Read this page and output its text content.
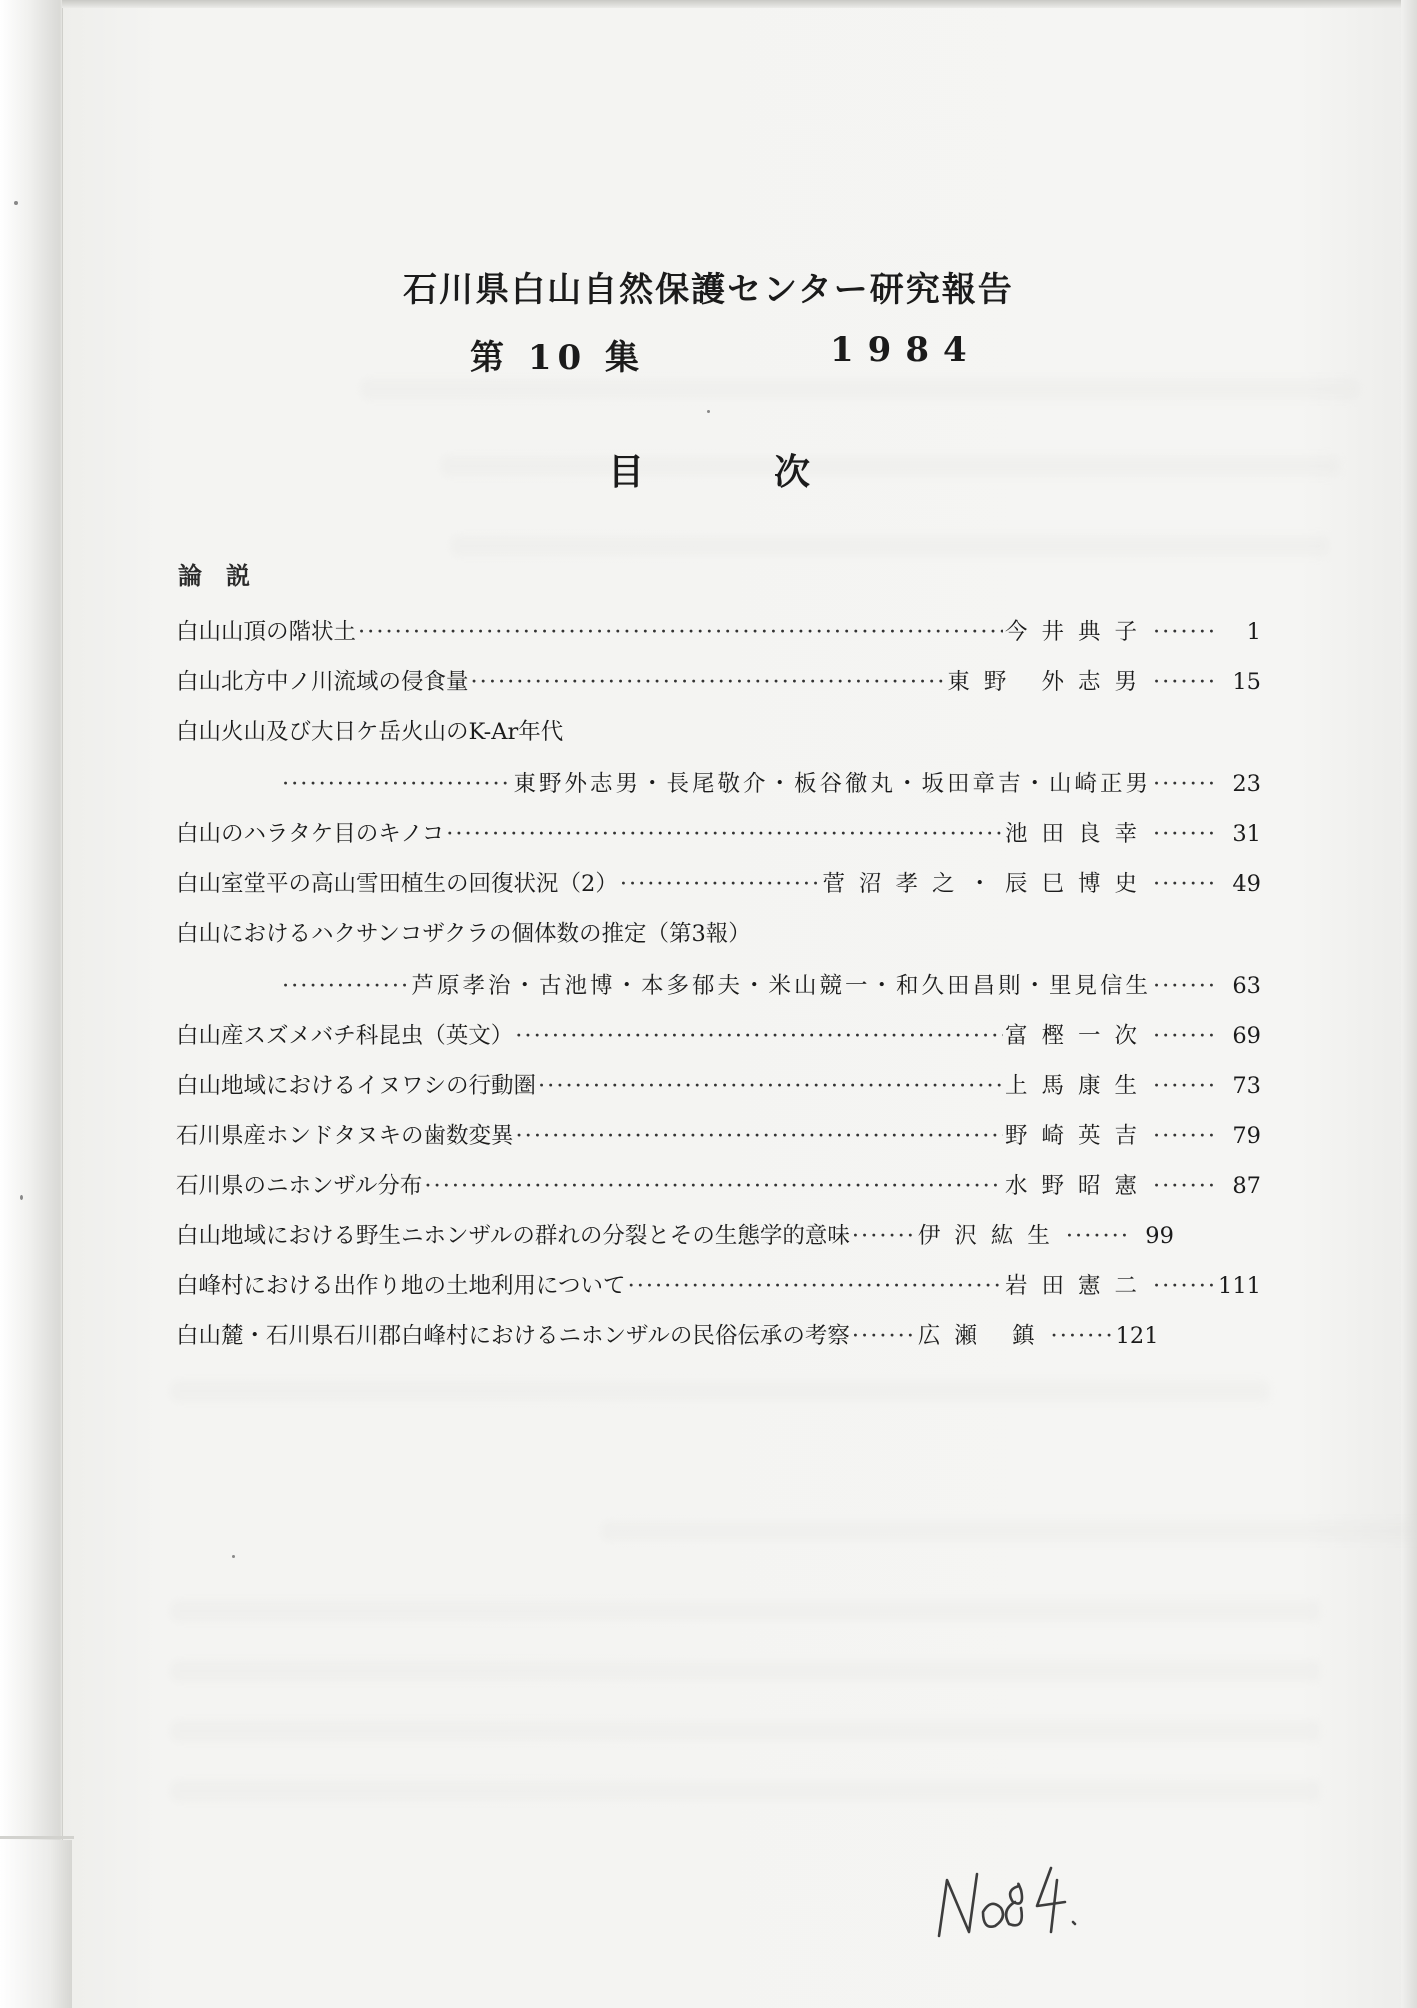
石川県白山自然保護センター研究報告
第 10 集	1984
目次
論説
白山山頂の階状土 ·····	今井典子 ·····	1
白山北方中ノ川流域の侵食量 ·····	東野 外志男 ·····	15
白山火山及び大日ケ岳火山のK-Ar年代
·····
東野外志男・長尾敬介・板谷徹丸・坂田章吉・山崎正男 ·····	23
白山のハラタケ目のキノコ ·····	池田良幸 ·····	31
白山室堂平の高山雪田植生の回復状況（2） ·····	菅沼孝之・辰巳博史 ·····	49
白山におけるハクサンコザクラの個体数の推定（第3報）
·····
芦原孝治・古池博・本多郁夫・米山競一・和久田昌則・里見信生 ·····	63
白山産スズメバチ科昆虫（英文） ·····	富樫一次 ·····	69
白山地域におけるイヌワシの行動圏 ·····	上馬康生 ·····	73
石川県産ホンドタヌキの歯数変異 ·····	野崎英吉 ·····	79
石川県のニホンザル分布 ·····	水野昭憲 ·····	87
白山地域における野生ニホンザルの群れの分裂とその生態学的意味 ·····	伊沢紘生 ·····	99
白峰村における出作り地の土地利用について ·····	岩田憲二 ·····	111
白山麓・石川県石川郡白峰村におけるニホンザルの民俗伝承の考察 ·····	広瀬 鎮 ·····	121
